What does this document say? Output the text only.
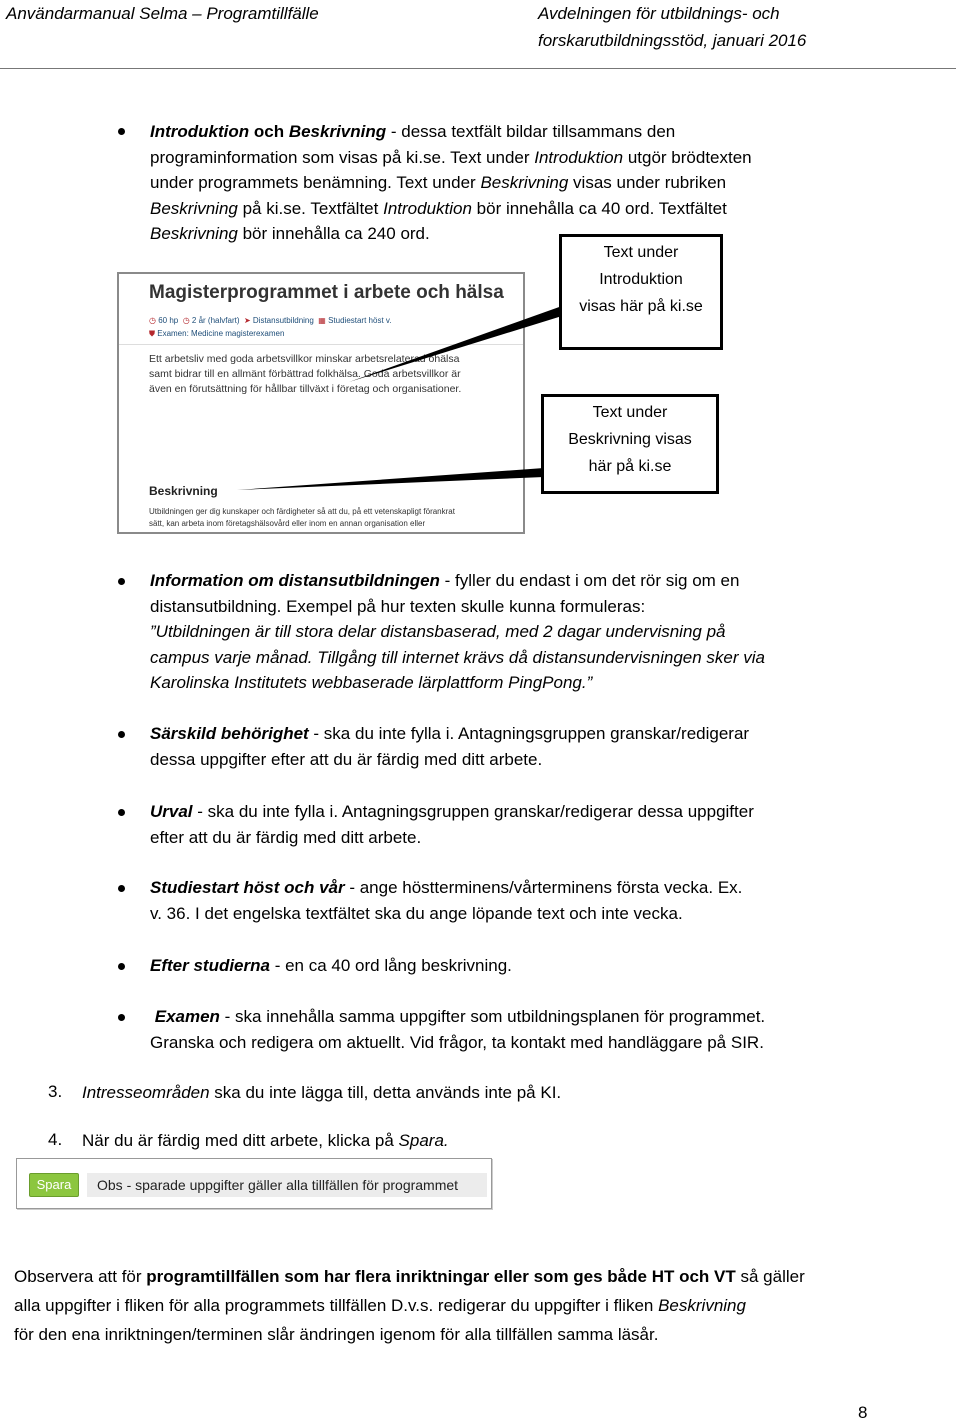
Användarmanual Selma – Programtillfälle	Avdelningen för utbildnings- och
forskarutbildningsstöd, januari 2016
Introduktion och Beskrivning - dessa textfält bildar tillsammans den
programinformation som visas på ki.se. Text under Introduktion utgör brödtexten
under programmets benämning. Text under Beskrivning visas under rubriken
Beskrivning på ki.se. Textfältet Introduktion bör innehålla ca 40 ord. Textfältet
Beskrivning bör innehålla ca 240 ord.
Magisterprogrammet i arbete och hälsa
◷ 60 hp ◷ 2 år (halvfart) ➤ Distansutbildning ▦ Studiestart höst v.
⛊ Examen: Medicine magisterexamen
Ett arbetsliv med goda arbetsvillkor minskar arbetsrelaterad ohälsa
samt bidrar till en allmänt förbättrad folkhälsa. Goda arbetsvillkor är
även en förutsättning för hållbar tillväxt i företag och organisationer.
Beskrivning
Utbildningen ger dig kunskaper och färdigheter så att du, på ett vetenskapligt förankrat
sätt, kan arbeta inom företagshälsovård eller inom en annan organisation eller
Text under
Introduktion
visas här på ki.se
Text under
Beskrivning visas
här på ki.se
Information om distansutbildningen - fyller du endast i om det rör sig om en
distansutbildning. Exempel på hur texten skulle kunna formuleras:
”Utbildningen är till stora delar distansbaserad, med 2 dagar undervisning på
campus varje månad. Tillgång till internet krävs då distansundervisningen sker via
Karolinska Institutets webbaserade lärplattform PingPong.”
Särskild behörighet - ska du inte fylla i. Antagningsgruppen granskar/redigerar
dessa uppgifter efter att du är färdig med ditt arbete.
Urval - ska du inte fylla i. Antagningsgruppen granskar/redigerar dessa uppgifter
efter att du är färdig med ditt arbete.
Studiestart höst och vår - ange höstterminens/vårterminens första vecka. Ex.
v. 36. I det engelska textfältet ska du ange löpande text och inte vecka.
Efter studierna - en ca 40 ord lång beskrivning.
Examen - ska innehålla samma uppgifter som utbildningsplanen för programmet.
Granska och redigera om aktuellt. Vid frågor, ta kontakt med handläggare på SIR.
3. Intresseområden ska du inte lägga till, detta används inte på KI.
4. När du är färdig med ditt arbete, klicka på Spara.
Spara	Obs - sparade uppgifter gäller alla tillfällen för programmet
Observera att för programtillfällen som har flera inriktningar eller som ges både HT och VT så gäller
alla uppgifter i fliken för alla programmets tillfällen D.v.s. redigerar du uppgifter i fliken Beskrivning
för den ena inriktningen/terminen slår ändringen igenom för alla tillfällen samma läsår.
8
